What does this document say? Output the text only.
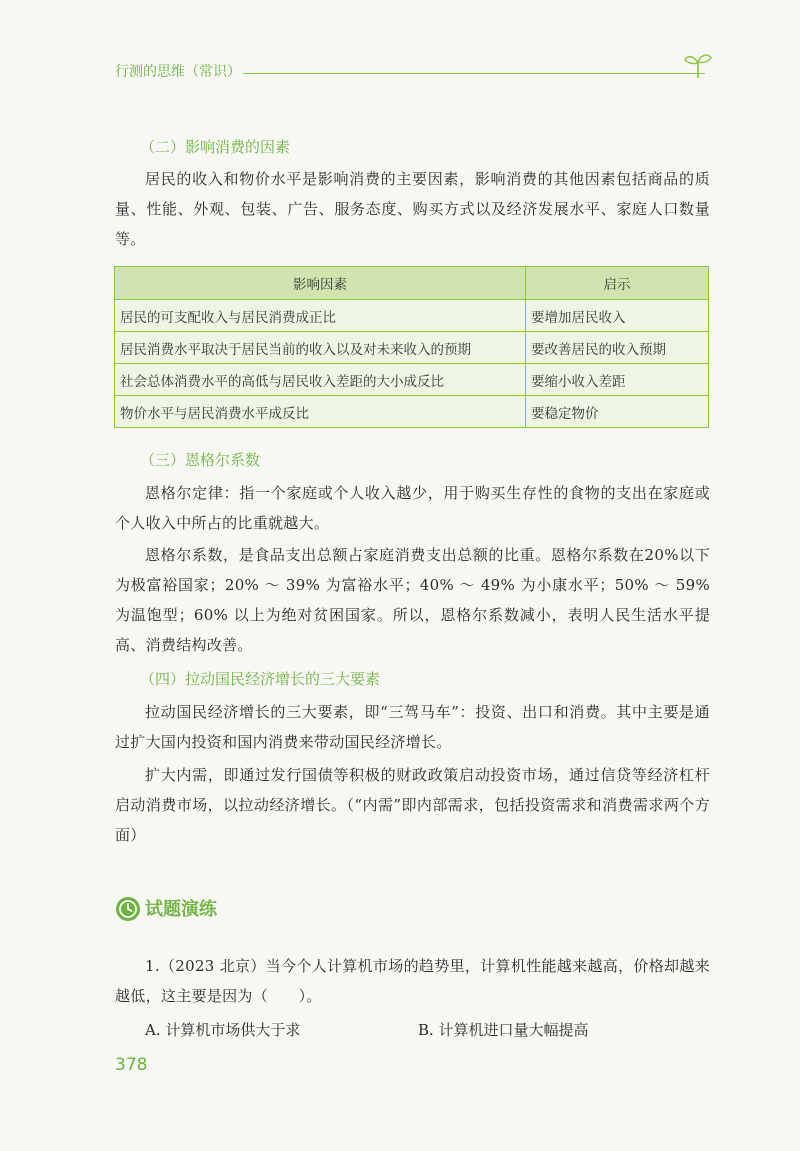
行测的思维（常识）
（二）影响消费的因素

居民的收入和物价水平是影响消费的主要因素，影响消费的其他因素包括商品的质量、性能、外观、包装、广告、服务态度、购买方式以及经济发展水平、家庭人口数量等。

影响因素	启示
居民的可支配收入与居民消费成正比	要增加居民收入
居民消费水平取决于居民当前的收入以及对未来收入的预期	要改善居民的收入预期
社会总体消费水平的高低与居民收入差距的大小成反比	要缩小收入差距
物价水平与居民消费水平成反比	要稳定物价
（三）恩格尔系数

恩格尔定律：指一个家庭或个人收入越少，用于购买生存性的食物的支出在家庭或个人收入中所占的比重就越大。

恩格尔系数，是食品支出总额占家庭消费支出总额的比重。恩格尔系数在20%以下为极富裕国家；20% ～ 39% 为富裕水平；40% ～ 49% 为小康水平；50% ～ 59%为温饱型；60% 以上为绝对贫困国家。所以，恩格尔系数减小，表明人民生活水平提高、消费结构改善。

（四）拉动国民经济增长的三大要素

拉动国民经济增长的三大要素，即“三驾马车”：投资、出口和消费。其中主要是通过扩大国内投资和国内消费来带动国民经济增长。

扩大内需，即通过发行国债等积极的财政政策启动投资市场，通过信贷等经济杠杆启动消费市场，以拉动经济增长。（“内需”即内部需求，包括投资需求和消费需求两个方面）

试题演练

1.（2023 北京）当今个人计算机市场的趋势里，计算机性能越来越高，价格却越来越低，这主要是因为（　　）。

A. 计算机市场供大于求	B. 计算机进口量大幅提高
378
